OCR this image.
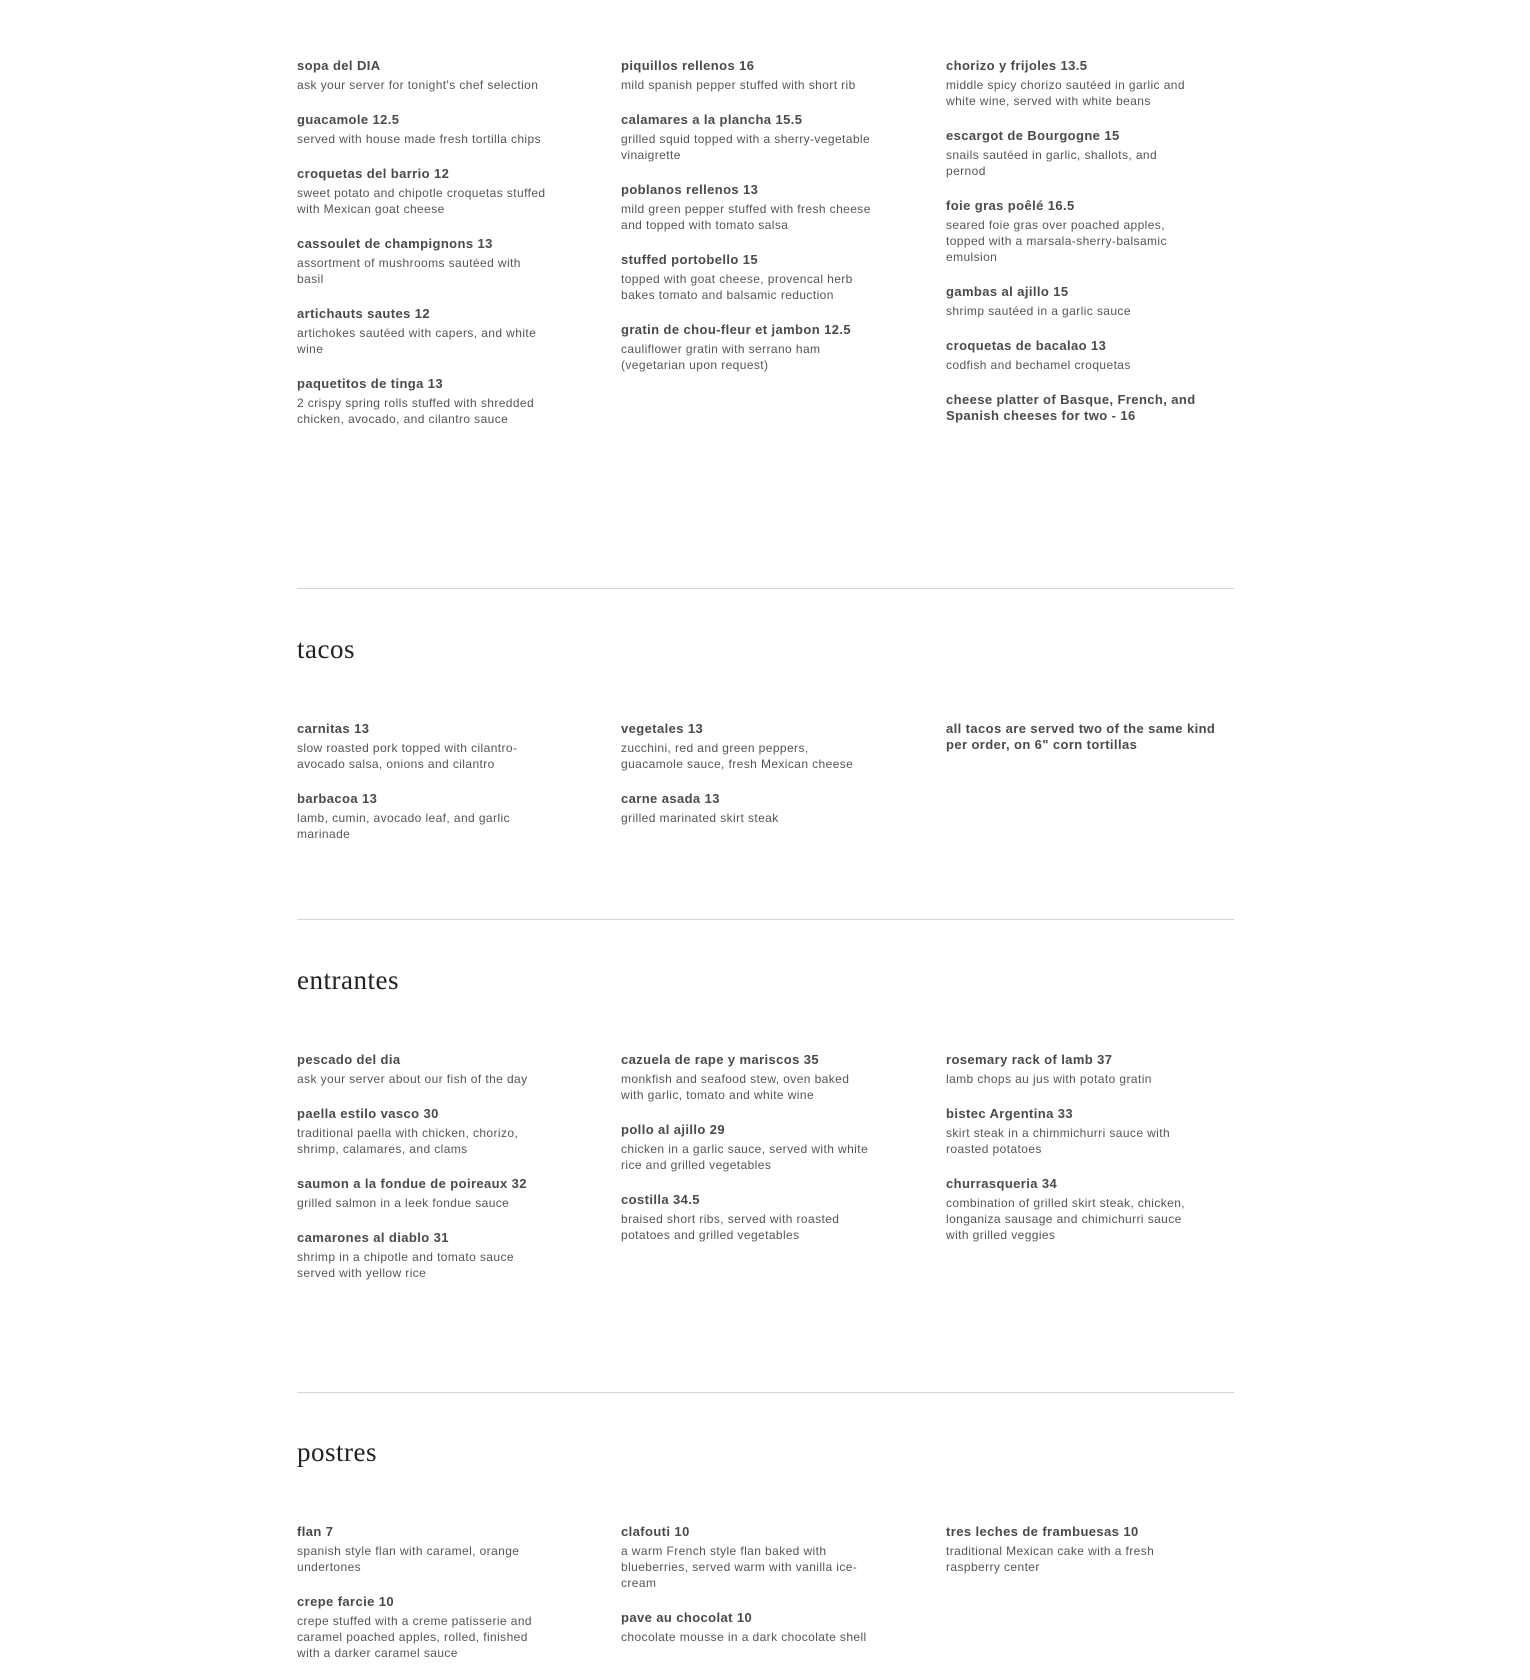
sopa del DIA
ask your server for tonight's chef selection
guacamole 12.5
served with house made fresh tortilla chips
croquetas del barrio 12
sweet potato and chipotle croquetas stuffed with Mexican goat cheese
cassoulet de champignons 13
assortment of mushrooms sautéed with basil
artichauts sautes 12
artichokes sautéed with capers, and white wine
paquetitos de tinga 13
2 crispy spring rolls stuffed with shredded chicken, avocado, and cilantro sauce
piquillos rellenos 16
mild spanish pepper stuffed with short rib
calamares a la plancha 15.5
grilled squid topped with a sherry-vegetable vinaigrette
poblanos rellenos 13
mild green pepper stuffed with fresh cheese and topped with tomato salsa
stuffed portobello 15
topped with goat cheese, provencal herb bakes tomato and balsamic reduction
gratin de chou-fleur et jambon 12.5
cauliflower gratin with serrano ham (vegetarian upon request)
chorizo y frijoles 13.5
middle spicy chorizo sautéed in garlic and white wine, served with white beans
escargot de Bourgogne 15
snails sautéed in garlic, shallots, and pernod
foie gras poêlé 16.5
seared foie gras over poached apples, topped with a marsala-sherry-balsamic emulsion
gambas al ajillo 15
shrimp sautéed in a garlic sauce
croquetas de bacalao 13
codfish and bechamel croquetas
cheese platter of Basque, French, and Spanish cheeses for two - 16
tacos
carnitas 13
slow roasted pork topped with cilantro-avocado salsa, onions and cilantro
barbacoa 13
lamb, cumin, avocado leaf, and garlic marinade
vegetales 13
zucchini, red and green peppers, guacamole sauce, fresh Mexican cheese
carne asada 13
grilled marinated skirt steak
all tacos are served two of the same kind per order, on 6" corn tortillas
entrantes
pescado del dia
ask your server about our fish of the day
paella estilo vasco 30
traditional paella with chicken, chorizo, shrimp, calamares, and clams
saumon a la fondue de poireaux 32
grilled salmon in a leek fondue sauce
camarones al diablo 31
shrimp in a chipotle and tomato sauce served with yellow rice
cazuela de rape y mariscos 35
monkfish and seafood stew, oven baked with garlic, tomato and white wine
pollo al ajillo 29
chicken in a garlic sauce, served with white rice and grilled vegetables
costilla 34.5
braised short ribs, served with roasted potatoes and grilled vegetables
rosemary rack of lamb 37
lamb chops au jus with potato gratin
bistec Argentina 33
skirt steak in a chimmichurri sauce with roasted potatoes
churrasqueria 34
combination of grilled skirt steak, chicken, longaniza sausage and chimichurri sauce with grilled veggies
postres
flan 7
spanish style flan with caramel, orange undertones
crepe farcie 10
crepe stuffed with a creme patisserie and caramel poached apples, rolled, finished with a darker caramel sauce
clafouti 10
a warm French style flan baked with blueberries, served warm with vanilla ice-cream
pave au chocolat 10
chocolate mousse in a dark chocolate shell
tres leches de frambuesas 10
traditional Mexican cake with a fresh raspberry center
